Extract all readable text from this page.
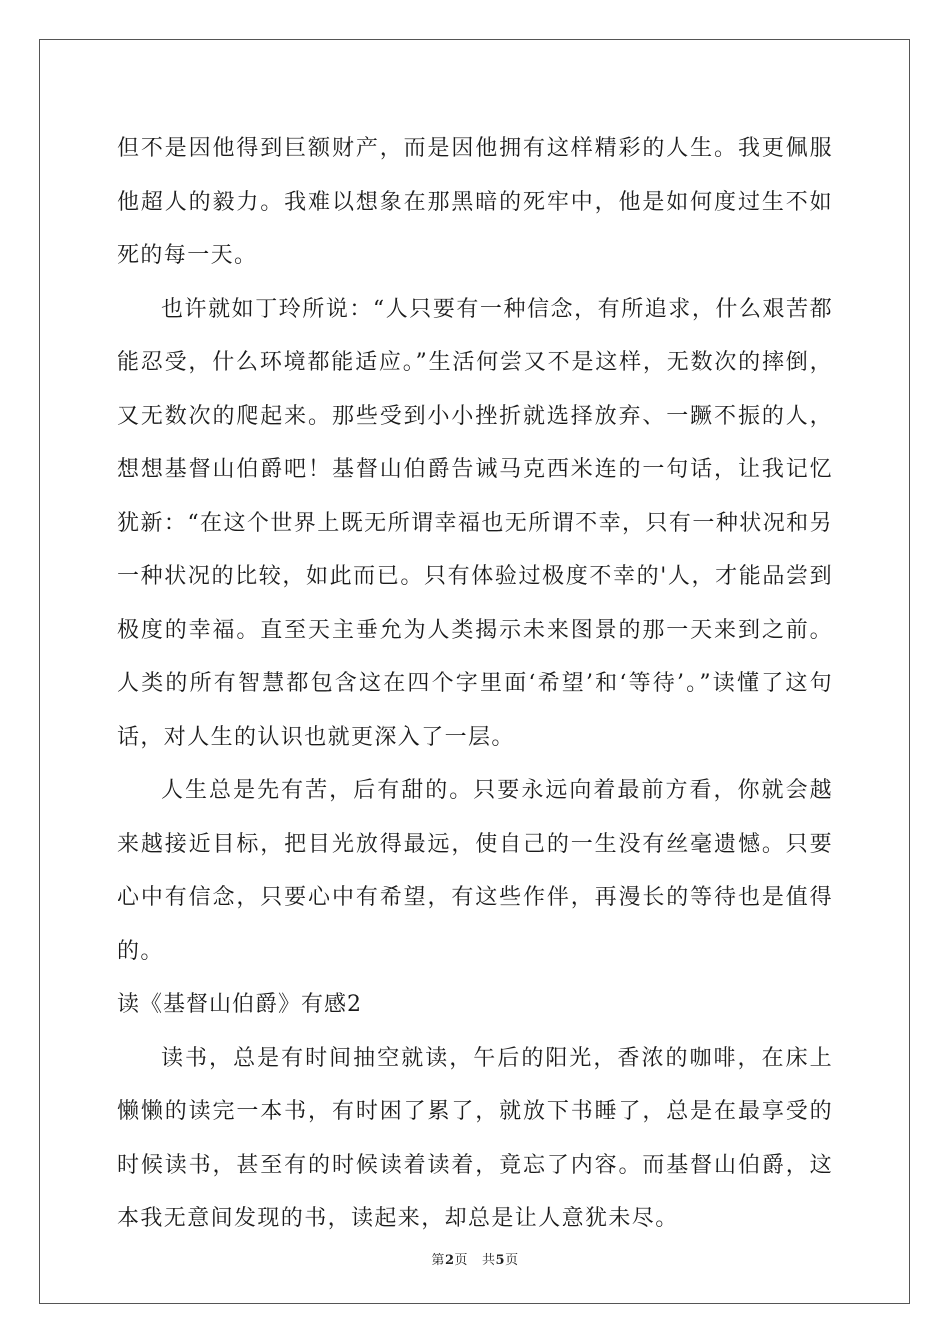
但不是因他得到巨额财产，而是因他拥有这样精彩的人生。我更佩服他超人的毅力。我难以想象在那黑暗的死牢中，他是如何度过生不如死的每一天。

也许就如丁玲所说：“人只要有一种信念，有所追求，什么艰苦都能忍受，什么环境都能适应。”生活何尝又不是这样，无数次的摔倒，又无数次的爬起来。那些受到小小挫折就选择放弃、一蹶不振的人，想想基督山伯爵吧！基督山伯爵告诫马克西米连的一句话，让我记忆犹新：“在这个世界上既无所谓幸福也无所谓不幸，只有一种状况和另一种状况的比较，如此而已。只有体验过极度不幸的'人，才能品尝到极度的幸福。直至天主垂允为人类揭示未来图景的那一天来到之前。人类的所有智慧都包含这在四个字里面‘希望’和‘等待’。”读懂了这句话，对人生的认识也就更深入了一层。

人生总是先有苦，后有甜的。只要永远向着最前方看，你就会越来越接近目标，把目光放得最远，使自己的一生没有丝毫遗憾。只要心中有信念，只要心中有希望，有这些作伴，再漫长的等待也是值得的。

读《基督山伯爵》有感2

读书，总是有时间抽空就读，午后的阳光，香浓的咖啡，在床上懒懒的读完一本书，有时困了累了，就放下书睡了，总是在最享受的时候读书，甚至有的时候读着读着，竟忘了内容。而基督山伯爵，这本我无意间发现的书，读起来，却总是让人意犹未尽。

第2页 共5页
